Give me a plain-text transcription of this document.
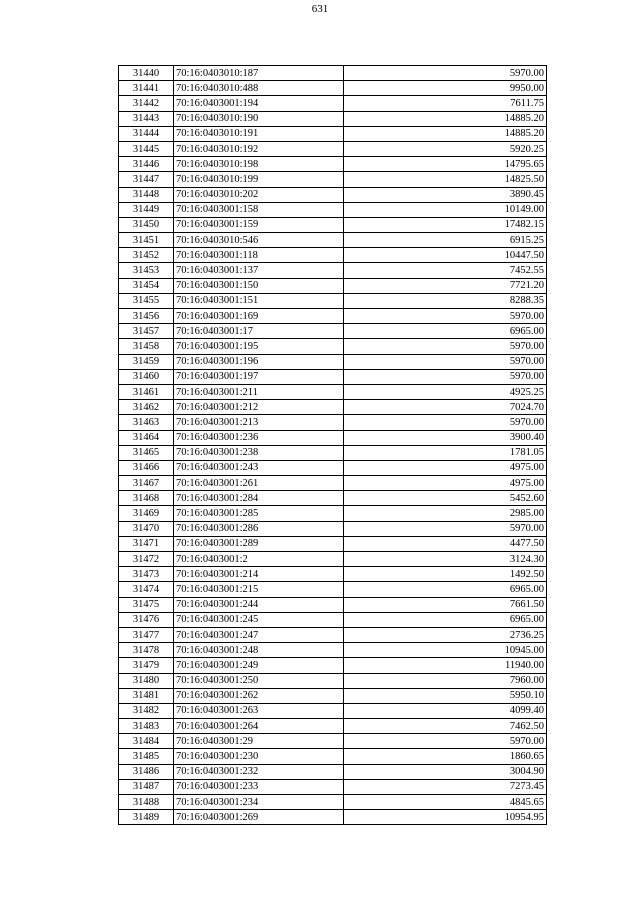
631
31440	70:16:0403010:187	5970.00
31441	70:16:0403010:488	9950.00
31442	70:16:0403001:194	7611.75
31443	70:16:0403010:190	14885.20
31444	70:16:0403010:191	14885.20
31445	70:16:0403010:192	5920.25
31446	70:16:0403010:198	14795.65
31447	70:16:0403010:199	14825.50
31448	70:16:0403010:202	3890.45
31449	70:16:0403001:158	10149.00
31450	70:16:0403001:159	17482.15
31451	70:16:0403010:546	6915.25
31452	70:16:0403001:118	10447.50
31453	70:16:0403001:137	7452.55
31454	70:16:0403001:150	7721.20
31455	70:16:0403001:151	8288.35
31456	70:16:0403001:169	5970.00
31457	70:16:0403001:17	6965.00
31458	70:16:0403001:195	5970.00
31459	70:16:0403001:196	5970.00
31460	70:16:0403001:197	5970.00
31461	70:16:0403001:211	4925.25
31462	70:16:0403001:212	7024.70
31463	70:16:0403001:213	5970.00
31464	70:16:0403001:236	3900.40
31465	70:16:0403001:238	1781.05
31466	70:16:0403001:243	4975.00
31467	70:16:0403001:261	4975.00
31468	70:16:0403001:284	5452.60
31469	70:16:0403001:285	2985.00
31470	70:16:0403001:286	5970.00
31471	70:16:0403001:289	4477.50
31472	70:16:0403001:2	3124.30
31473	70:16:0403001:214	1492.50
31474	70:16:0403001:215	6965.00
31475	70:16:0403001:244	7661.50
31476	70:16:0403001:245	6965.00
31477	70:16:0403001:247	2736.25
31478	70:16:0403001:248	10945.00
31479	70:16:0403001:249	11940.00
31480	70:16:0403001:250	7960.00
31481	70:16:0403001:262	5950.10
31482	70:16:0403001:263	4099.40
31483	70:16:0403001:264	7462.50
31484	70:16:0403001:29	5970.00
31485	70:16:0403001:230	1860.65
31486	70:16:0403001:232	3004.90
31487	70:16:0403001:233	7273.45
31488	70:16:0403001:234	4845.65
31489	70:16:0403001:269	10954.95
